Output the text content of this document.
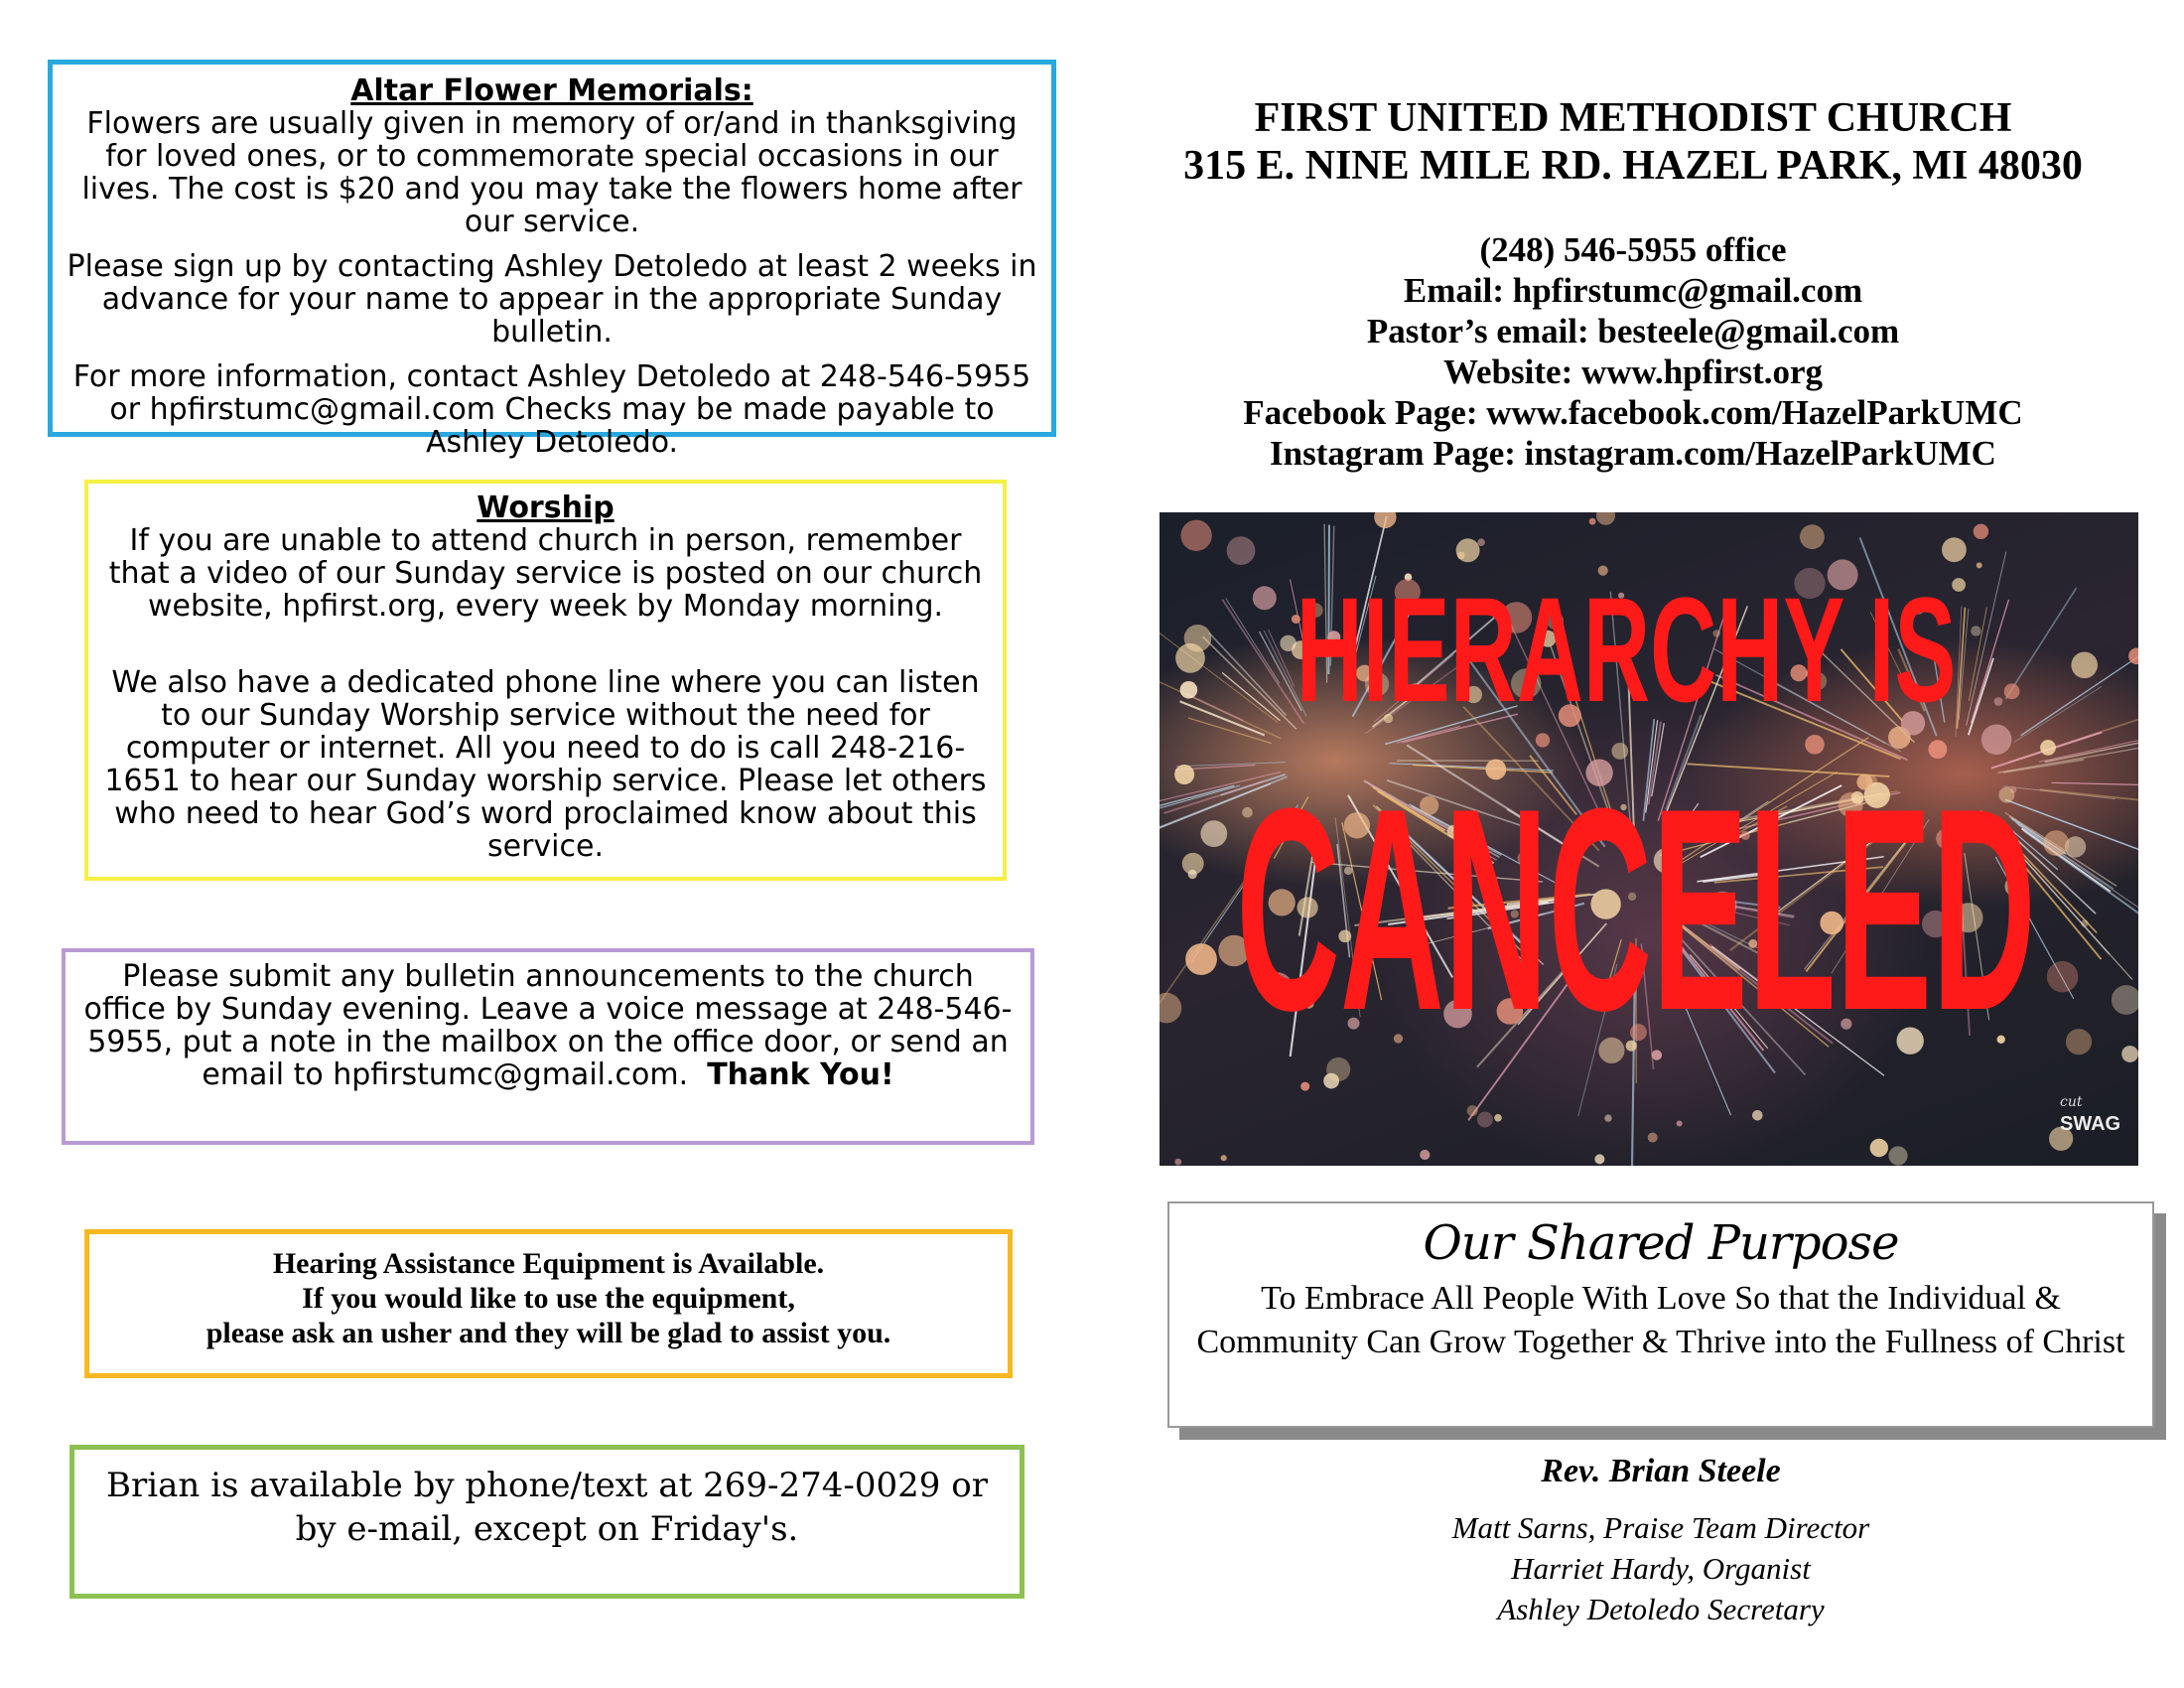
Altar Flower Memorials:

Flowers are usually given in memory of or/and in thanksgiving for loved ones, or to commemorate special occasions in our lives. The cost is $20 and you may take the flowers home after our service.

Please sign up by contacting Ashley Detoledo at least 2 weeks in advance for your name to appear in the appropriate Sunday bulletin.

For more information, contact Ashley Detoledo at 248-546-5955 or hpfirstumc@gmail.com Checks may be made payable to Ashley Detoledo.

Worship

If you are unable to attend church in person, remember that a video of our Sunday service is posted on our church website, hpfirst.org, every week by Monday morning.

We also have a dedicated phone line where you can listen to our Sunday Worship service without the need for computer or internet. All you need to do is call 248-216-1651 to hear our Sunday worship service. Please let others who need to hear God’s word proclaimed know about this service.

Please submit any bulletin announcements to the church office by Sunday evening. Leave a voice message at 248-546-5955, put a note in the mailbox on the office door, or send an email to hpfirstumc@gmail.com. Thank You!

Hearing Assistance Equipment is Available.

If you would like to use the equipment,

please ask an usher and they will be glad to assist you.

Brian is available by phone/text at 269-274-0029 or by e-mail, except on Friday's.

FIRST UNITED METHODIST CHURCH

315 E. NINE MILE RD. HAZEL PARK, MI 48030

(248) 546-5955 office

Email: hpfirstumc@gmail.com

Pastor’s email: besteele@gmail.com

Website: www.hpfirst.org

Facebook Page: www.facebook.com/HazelParkUMC

Instagram Page: instagram.com/HazelParkUMC

HIERARCHY IS
CANCELED
cut
SWAG

Our Shared Purpose

To Embrace All People With Love So that the Individual & Community Can Grow Together & Thrive into the Fullness of Christ

Rev. Brian Steele

Matt Sarns, Praise Team Director

Harriet Hardy, Organist

Ashley Detoledo Secretary
